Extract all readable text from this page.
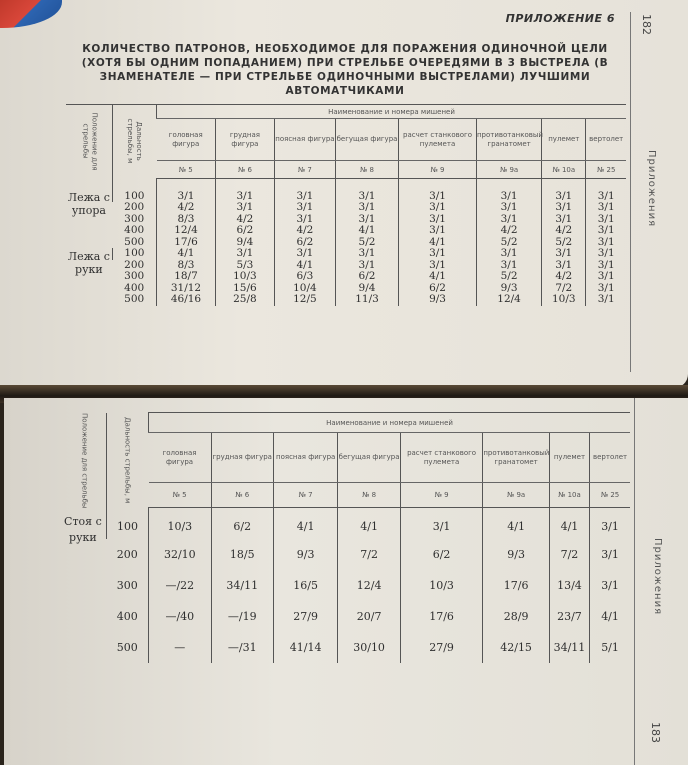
ПРИЛОЖЕНИЕ 6 182
Приложения
КОЛИЧЕСТВО ПАТРОНОВ, НЕОБХОДИМОЕ ДЛЯ ПОРАЖЕНИЯ ОДИНОЧНОЙ ЦЕЛИ (ХОТЯ БЫ ОДНИМ ПОПАДАНИЕМ) ПРИ СТРЕЛЬБЕ ОЧЕРЕДЯМИ В 3 ВЫСТРЕЛА (В ЗНАМЕНАТЕЛЕ — ПРИ СТРЕЛЬБЕ ОДИНОЧНЫМИ ВЫСТРЕЛАМИ) ЛУЧШИМИ АВТОМАТЧИКАМИ
Положение для стрельбы	Дальность стрельбы, м	Наименование и номера мишеней							
		головная фигура	грудная фигура	поясная фигура	бегущая фигура	расчет станкового пулемета	противотанковый гранатомет	пулемет	вертолет
		№ 5	№ 6	№ 7	№ 8	№ 9	№ 9а	№ 10а	№ 25
Лежа с упора	100	3/1	3/1	3/1	3/1	3/1	3/1	3/1	3/1
	200	4/2	3/1	3/1	3/1	3/1	3/1	3/1	3/1
	300	8/3	4/2	3/1	3/1	3/1	3/1	3/1	3/1
	400	12/4	6/2	4/2	4/1	3/1	4/2	4/2	3/1
	500	17/6	9/4	6/2	5/2	4/1	5/2	5/2	3/1
Лежа с руки	100	4/1	3/1	3/1	3/1	3/1	3/1	3/1	3/1
	200	8/3	5/3	4/1	3/1	3/1	3/1	3/1	3/1
	300	18/7	10/3	6/3	6/2	4/1	5/2	4/2	3/1
	400	31/12	15/6	10/4	9/4	6/2	9/3	7/2	3/1
	500	46/16	25/8	12/5	11/3	9/3	12/4	10/3	3/1
183
Приложения
Положение для стрельбы	Дальность стрельбы, м	Наименование и номера мишеней							
		головная фигура	грудная фигура	поясная фигура	бегущая фигура	расчет станкового пулемета	противотанковый гранатомет	пулемет	вертолет
		№ 5	№ 6	№ 7	№ 8	№ 9	№ 9а	№ 10а	№ 25
Стоя с руки	100	10/3	6/2	4/1	4/1	3/1	4/1	4/1	3/1
	200	32/10	18/5	9/3	7/2	6/2	9/3	7/2	3/1
	300	—/22	34/11	16/5	12/4	10/3	17/6	13/4	3/1
	400	—/40	—/19	27/9	20/7	17/6	28/9	23/7	4/1
	500	—	—/31	41/14	30/10	27/9	42/15	34/11	5/1
